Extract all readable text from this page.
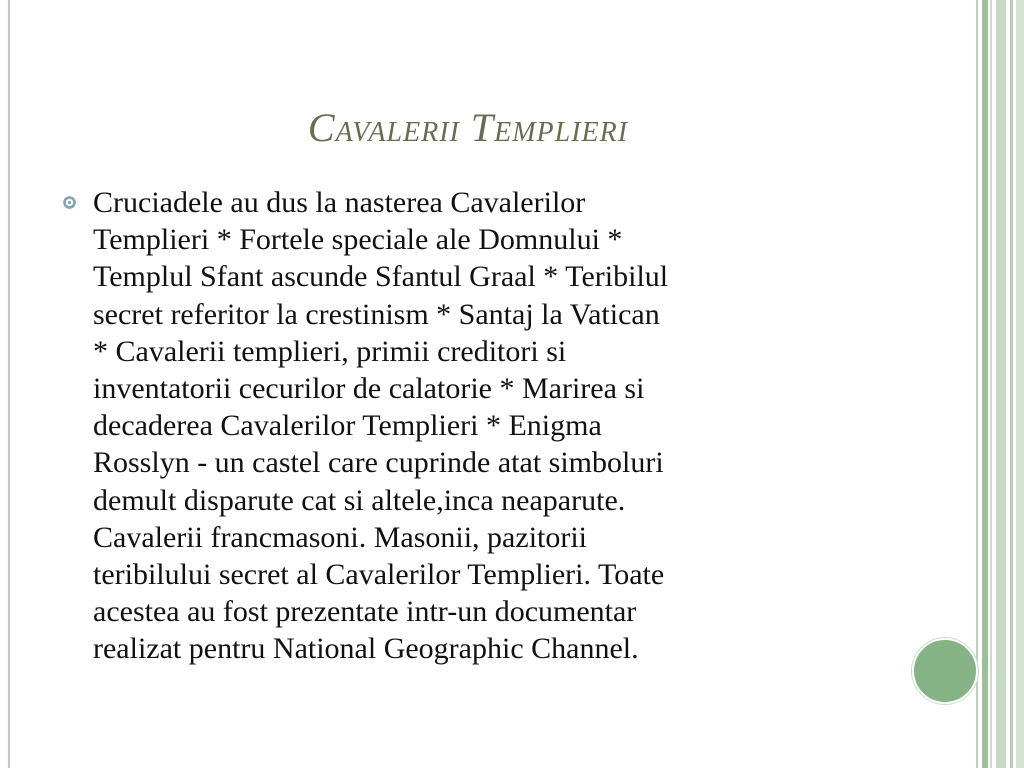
Cavalerii Templieri
Cruciadele au dus la nasterea Cavalerilor
Templieri * Fortele speciale ale Domnului *
Templul Sfant ascunde Sfantul Graal * Teribilul
secret referitor la crestinism * Santaj la Vatican
* Cavalerii templieri, primii creditori si
inventatorii cecurilor de calatorie * Marirea si
decaderea Cavalerilor Templieri * Enigma
Rosslyn - un castel care cuprinde atat simboluri
demult disparute cat si altele,inca neaparute.
Cavalerii francmasoni. Masonii, pazitorii
teribilului secret al Cavalerilor Templieri. Toate
acestea au fost prezentate intr-un documentar
realizat pentru National Geographic Channel.
